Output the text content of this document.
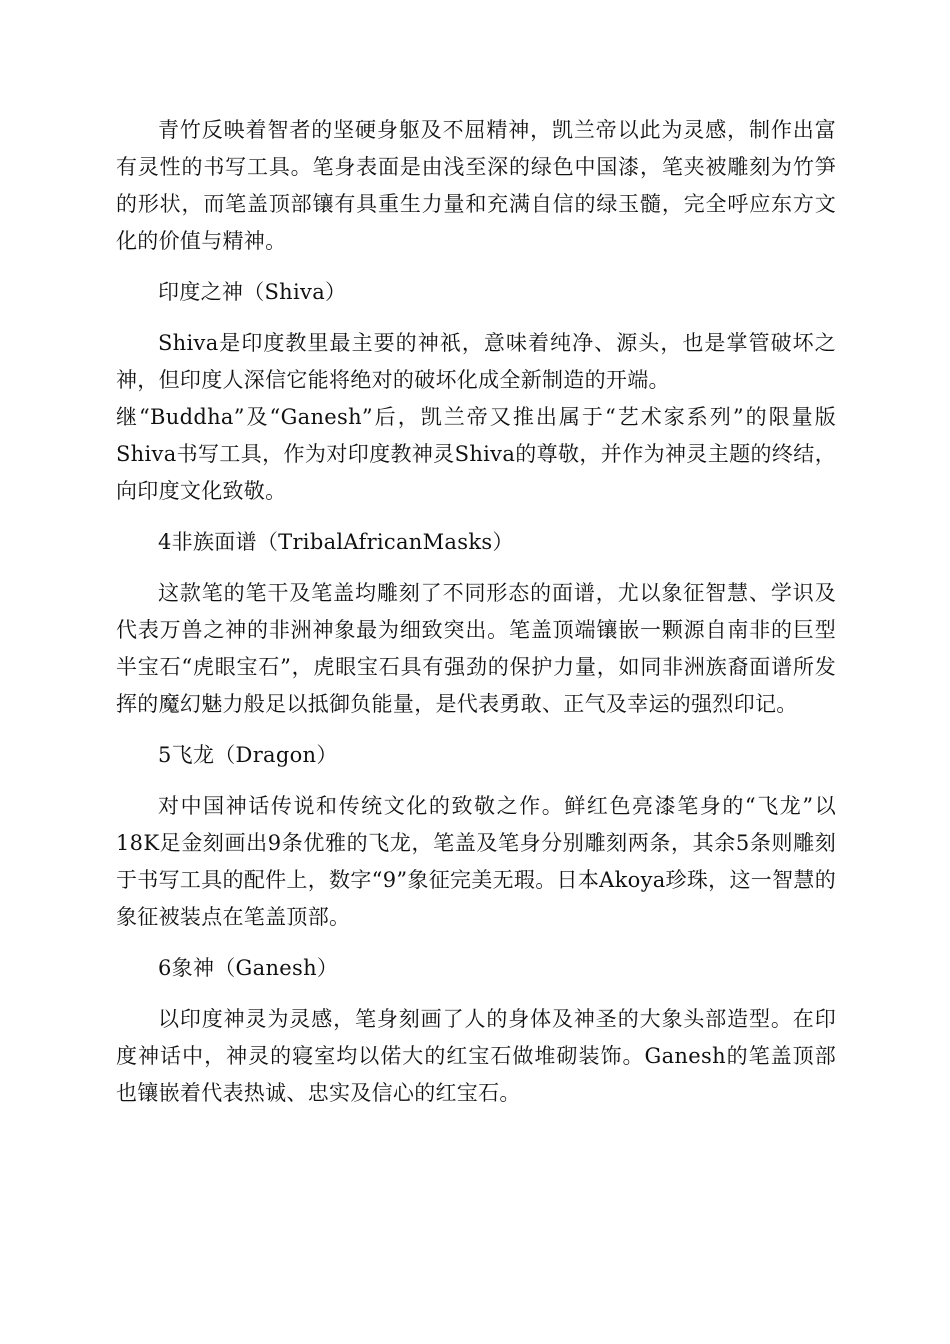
青竹反映着智者的坚硬身躯及不屈精神，凯兰帝以此为灵感，制作出富有灵性的书写工具。笔身表面是由浅至深的绿色中国漆，笔夹被雕刻为竹笋的形状，而笔盖顶部镶有具重生力量和充满自信的绿玉髓，完全呼应东方文化的价值与精神。

印度之神（Shiva）

Shiva是印度教里最主要的神祇，意味着纯净、源头，也是掌管破坏之神，但印度人深信它能将绝对的破坏化成全新制造的开端。

继“Buddha”及“Ganesh”后，凯兰帝又推出属于“艺术家系列”的限量版Shiva书写工具，作为对印度教神灵Shiva的尊敬，并作为神灵主题的终结，向印度文化致敬。

4非族面谱（TribalAfricanMasks）

这款笔的笔干及笔盖均雕刻了不同形态的面谱，尤以象征智慧、学识及代表万兽之神的非洲神象最为细致突出。笔盖顶端镶嵌一颗源自南非的巨型半宝石“虎眼宝石”，虎眼宝石具有强劲的保护力量，如同非洲族裔面谱所发挥的魔幻魅力般足以抵御负能量，是代表勇敢、正气及幸运的强烈印记。

5飞龙（Dragon）

对中国神话传说和传统文化的致敬之作。鲜红色亮漆笔身的“飞龙”以18K足金刻画出9条优雅的飞龙，笔盖及笔身分别雕刻两条，其余5条则雕刻于书写工具的配件上，数字“9”象征完美无瑕。日本Akoya珍珠，这一智慧的象征被装点在笔盖顶部。

6象神（Ganesh）

以印度神灵为灵感，笔身刻画了人的身体及神圣的大象头部造型。在印度神话中，神灵的寝室均以偌大的红宝石做堆砌装饰。Ganesh的笔盖顶部也镶嵌着代表热诚、忠实及信心的红宝石。
